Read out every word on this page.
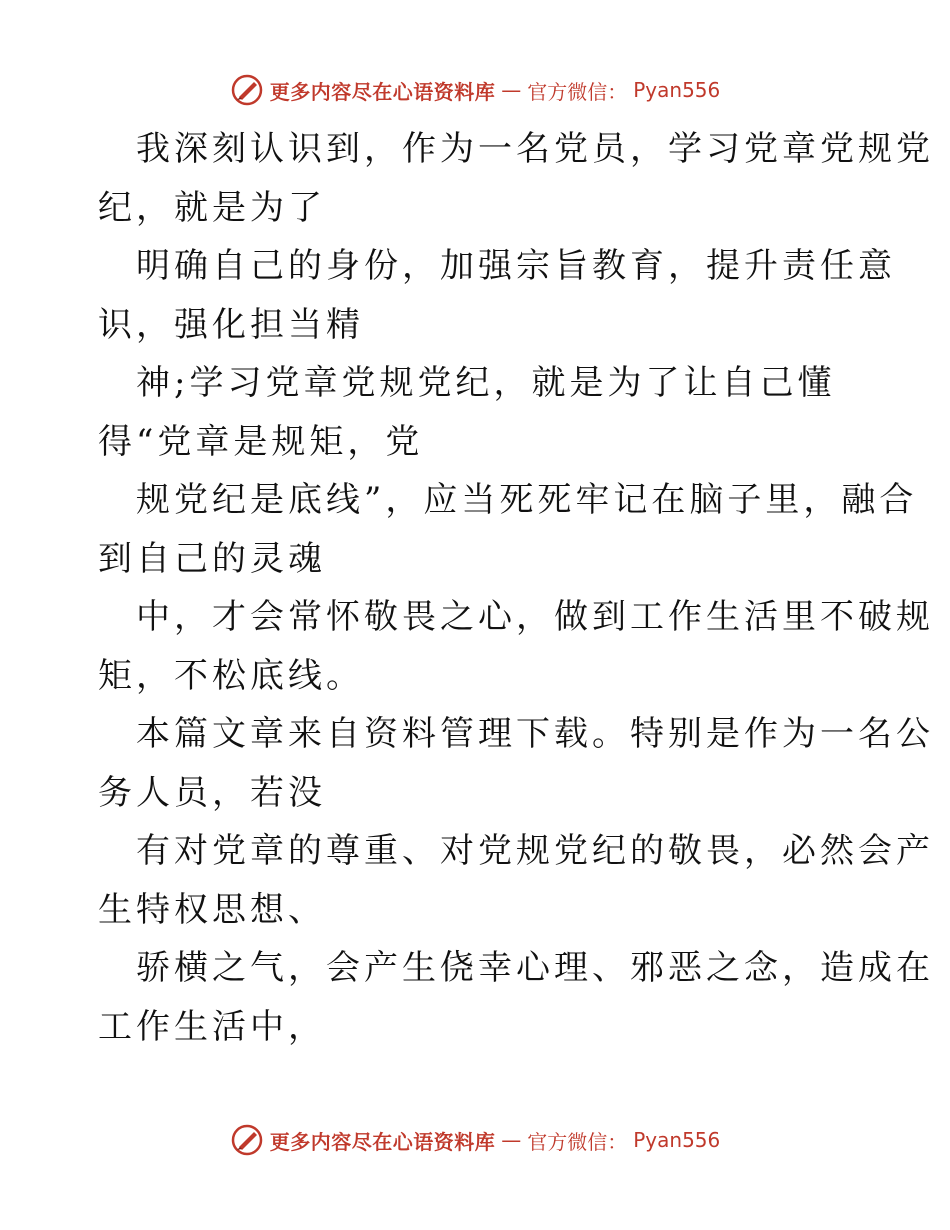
更多内容尽在心语资料库 — 官方微信： Pyan556
我深刻认识到，作为一名党员，学习党章党规党
纪，就是为了
明确自己的身份，加强宗旨教育，提升责任意
识，强化担当精
神;学习党章党规党纪，就是为了让自己懂
得“党章是规矩，党
规党纪是底线”，应当死死牢记在脑子里，融合
到自己的灵魂
中，才会常怀敬畏之心，做到工作生活里不破规
矩，不松底线。
本篇文章来自资料管理下载。特别是作为一名公
务人员，若没
有对党章的尊重、对党规党纪的敬畏，必然会产
生特权思想、
骄横之气，会产生侥幸心理、邪恶之念，造成在
工作生活中，
更多内容尽在心语资料库 — 官方微信： Pyan556
